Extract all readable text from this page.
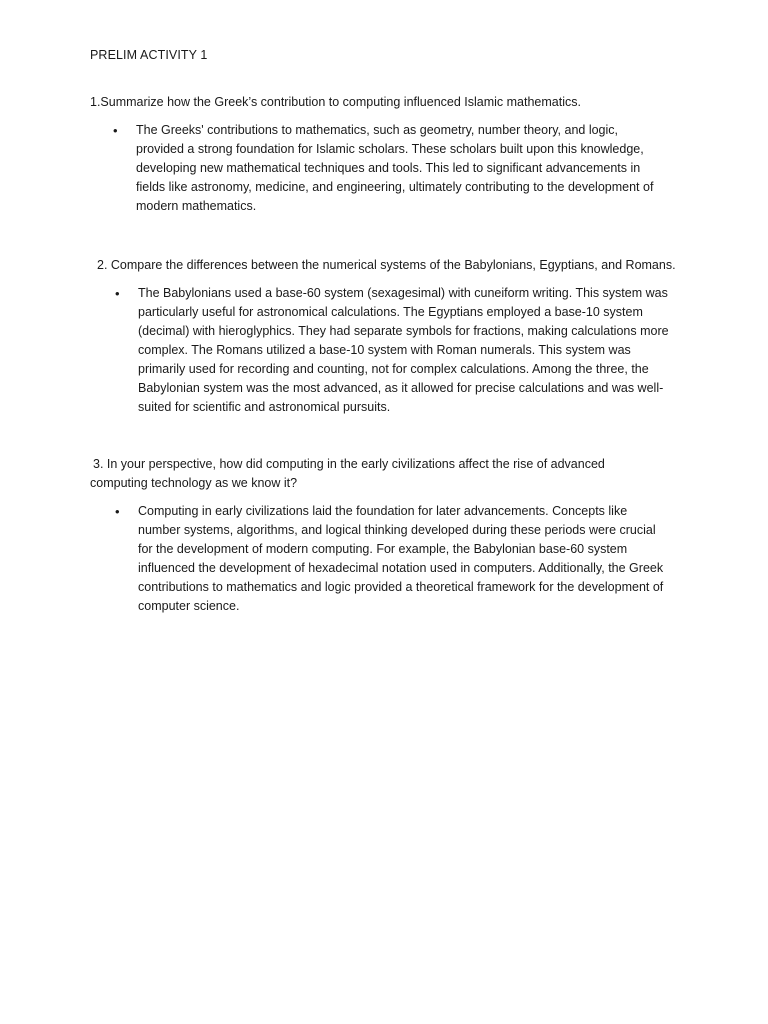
PRELIM ACTIVITY 1
1.Summarize how the Greek’s contribution to computing influenced Islamic mathematics.
• The Greeks' contributions to mathematics, such as geometry, number theory, and logic, provided a strong foundation for Islamic scholars. These scholars built upon this knowledge, developing new mathematical techniques and tools. This led to significant advancements in fields like astronomy, medicine, and engineering, ultimately contributing to the development of modern mathematics.
2. Compare the differences between the numerical systems of the Babylonians, Egyptians, and Romans.
• The Babylonians used a base-60 system (sexagesimal) with cuneiform writing. This system was particularly useful for astronomical calculations. The Egyptians employed a base-10 system (decimal) with hieroglyphics. They had separate symbols for fractions, making calculations more complex. The Romans utilized a base-10 system with Roman numerals. This system was primarily used for recording and counting, not for complex calculations. Among the three, the Babylonian system was the most advanced, as it allowed for precise calculations and was well-suited for scientific and astronomical pursuits.
3. In your perspective, how did computing in the early civilizations affect the rise of advanced computing technology as we know it?
• Computing in early civilizations laid the foundation for later advancements. Concepts like number systems, algorithms, and logical thinking developed during these periods were crucial for the development of modern computing. For example, the Babylonian base-60 system influenced the development of hexadecimal notation used in computers. Additionally, the Greek contributions to mathematics and logic provided a theoretical framework for the development of computer science.
